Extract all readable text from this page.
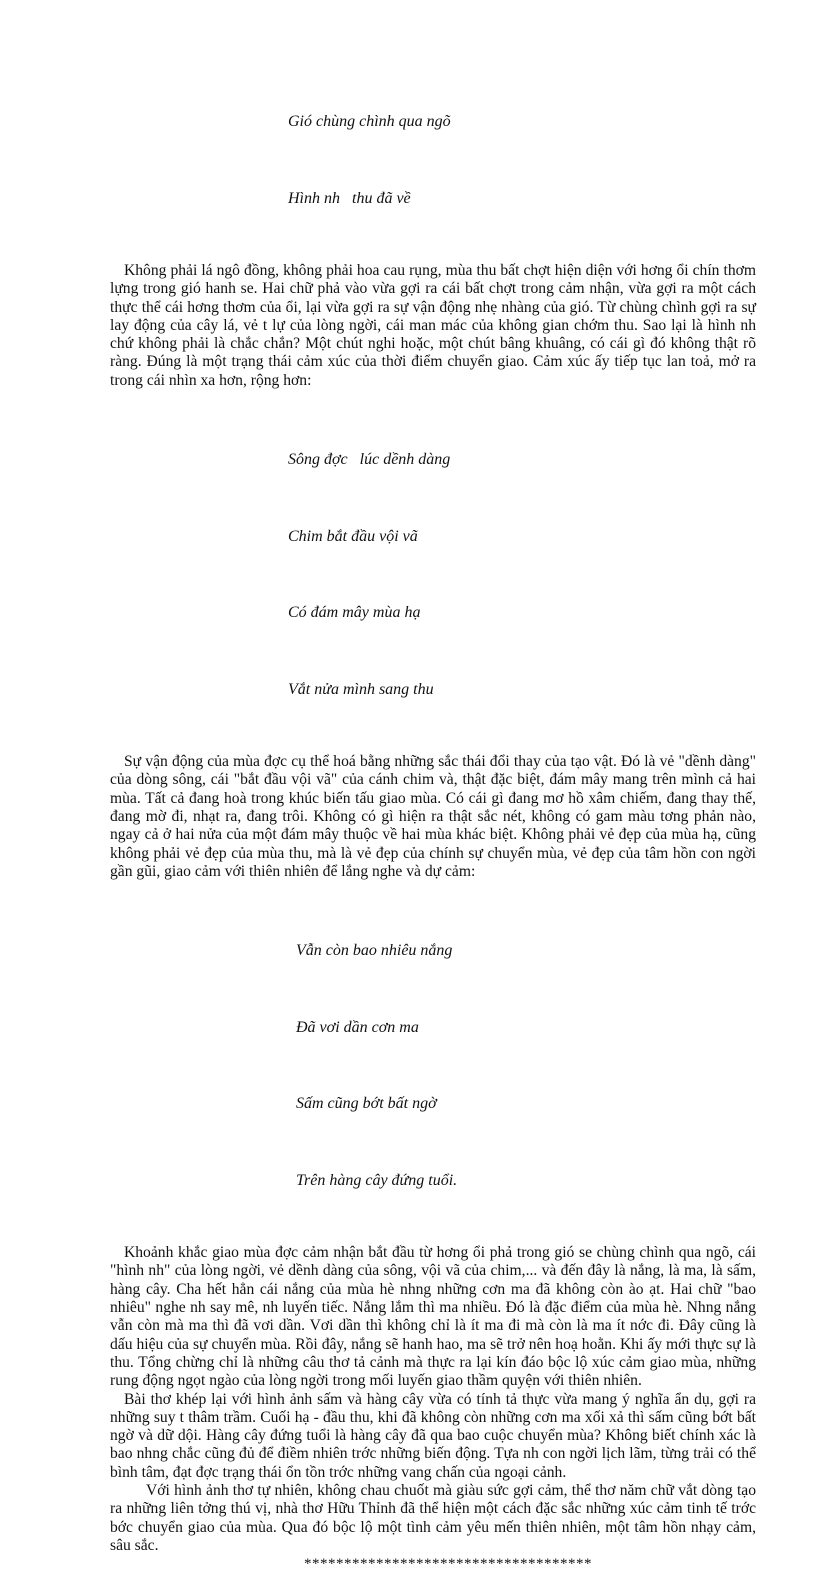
Gió chùng chình qua ngõ

Hình nh   thu đã về

Không phải lá ngô đồng, không phải hoa cau rụng, mùa thu bất chợt hiện diện với hơng ổi chín thơm lựng trong gió hanh se. Hai chữ phả vào vừa gợi ra cái bất chợt trong cảm nhận, vừa gợi ra một cách thực thể cái hơng thơm của ổi, lại vừa gợi ra sự vận động nhẹ nhàng của gió. Từ chùng chình gợi ra sự lay động của cây lá, vẻ t lự của lòng ngời, cái man mác của không gian chớm thu. Sao lại là hình nh chứ không phải là chắc chắn? Một chút nghi hoặc, một chút bâng khuâng, có cái gì đó không thật rõ ràng. Đúng là một trạng thái cảm xúc của thời điểm chuyển giao. Cảm xúc ấy tiếp tục lan toả, mở ra trong cái nhìn xa hơn, rộng hơn:

Sông đợc   lúc dềnh dàng

Chim bắt đầu vội vã

Có đám mây mùa hạ

Vắt nửa mình sang thu

Sự vận động của mùa đợc cụ thể hoá bằng những sắc thái đổi thay của tạo vật. Đó là vẻ "dềnh dàng" của dòng sông, cái "bắt đầu vội vã" của cánh chim và, thật đặc biệt, đám mây mang trên mình cả hai mùa. Tất cả đang hoà trong khúc biến tấu giao mùa. Có cái gì đang mơ hồ xâm chiếm, đang thay thế, đang mờ đi, nhạt ra, đang trôi. Không có gì hiện ra thật sắc nét, không có gam màu tơng phản nào, ngay cả ở hai nửa của một đám mây thuộc về hai mùa khác biệt. Không phải vẻ đẹp của mùa hạ, cũng không phải vẻ đẹp của mùa thu, mà là vẻ đẹp của chính sự chuyển mùa, vẻ đẹp của tâm hồn con ngời gần gũi, giao cảm với thiên nhiên để lắng nghe và dự cảm:

Vẫn còn bao nhiêu nắng

Đã vơi dần cơn ma

Sấm cũng bớt bất ngờ

Trên hàng cây đứng tuổi.

Khoảnh khắc giao mùa đợc cảm nhận bắt đầu từ hơng ổi phả trong gió se chùng chình qua ngõ, cái "hình nh" của lòng ngời, vẻ dềnh dàng của sông, vội vã của chim,... và đến đây là nắng, là ma, là sấm, hàng cây. Cha hết hẳn cái nắng của mùa hè nhng những cơn ma đã không còn ào ạt. Hai chữ "bao nhiêu" nghe nh say mê, nh luyến tiếc. Nắng lắm thì ma nhiều. Đó là đặc điểm của mùa hè. Nhng nắng vẫn còn mà ma thì đã vơi dần. Vơi dần thì không chỉ là ít ma đi mà còn là ma ít nớc đi. Đây cũng là dấu hiệu của sự chuyển mùa. Rồi đây, nắng sẽ hanh hao, ma sẽ trở nên hoạ hoằn. Khi ấy mới thực sự là thu. Tổng chừng chỉ là những câu thơ tả cảnh mà thực ra lại kín đáo bộc lộ xúc cảm giao mùa, những rung động ngọt ngào của lòng ngời trong mối luyến giao thầm quyện với thiên nhiên.

Bài thơ khép lại với hình ảnh sấm và hàng cây vừa có tính tả thực vừa mang ý nghĩa ẩn dụ, gợi ra những suy t thâm trầm. Cuối hạ - đầu thu, khi đã không còn những cơn ma xối xả thì sấm cũng bớt bất ngờ và dữ dội. Hàng cây đứng tuổi là hàng cây đã qua bao cuộc chuyển mùa? Không biết chính xác là bao nhng chắc cũng đủ để điềm nhiên trớc những biến động. Tựa nh con ngời lịch lãm, từng trải có thể bình tâm, đạt đợc trạng thái ổn tồn trớc những vang chấn của ngoại cảnh.

Với hình ảnh thơ tự nhiên, không chau chuốt mà giàu sức gợi cảm, thể thơ năm chữ vắt dòng tạo ra những liên tởng thú vị, nhà thơ Hữu Thỉnh đã thể hiện một cách đặc sắc những xúc cảm tinh tế trớc bớc chuyển giao của mùa. Qua đó bộc lộ một tình cảm yêu mến thiên nhiên, một tâm hồn nhạy cảm, sâu sắc.

************************************
